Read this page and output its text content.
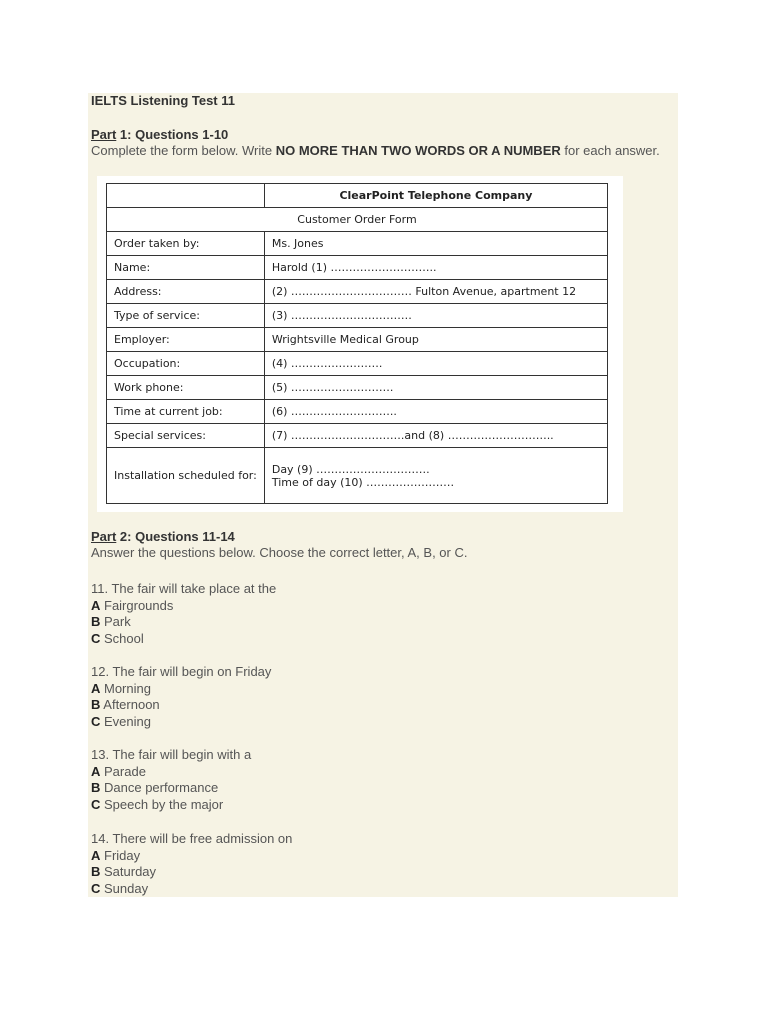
IELTS Listening Test 11

Part 1: Questions 1-10

Complete the form below. Write NO MORE THAN TWO WORDS OR A NUMBER for each answer.

	ClearPoint Telephone Company
Customer Order Form	
Order taken by:	Ms. Jones
Name:	Harold (1) ………………………..
Address:	(2) …………………………… Fulton Avenue, apartment 12
Type of service:	(3) ……………………………
Employer:	Wrightsville Medical Group
Occupation:	(4) …………………….
Work phone:	(5) ……………………….
Time at current job:	(6) ………………………..
Special services:	(7) ………………………….and (8) ………………………..
Installation scheduled for:	Day (9) ………………………….
Time of day (10) ……………………

Part 2: Questions 11-14

Answer the questions below. Choose the correct letter, A, B, or C.

11. The fair will take place at the

A Fairgrounds

B Park

C School

12. The fair will begin on Friday

A Morning

B Afternoon

C Evening

13. The fair will begin with a

A Parade

B Dance performance

C Speech by the major

14. There will be free admission on

A Friday

B Saturday

C Sunday
